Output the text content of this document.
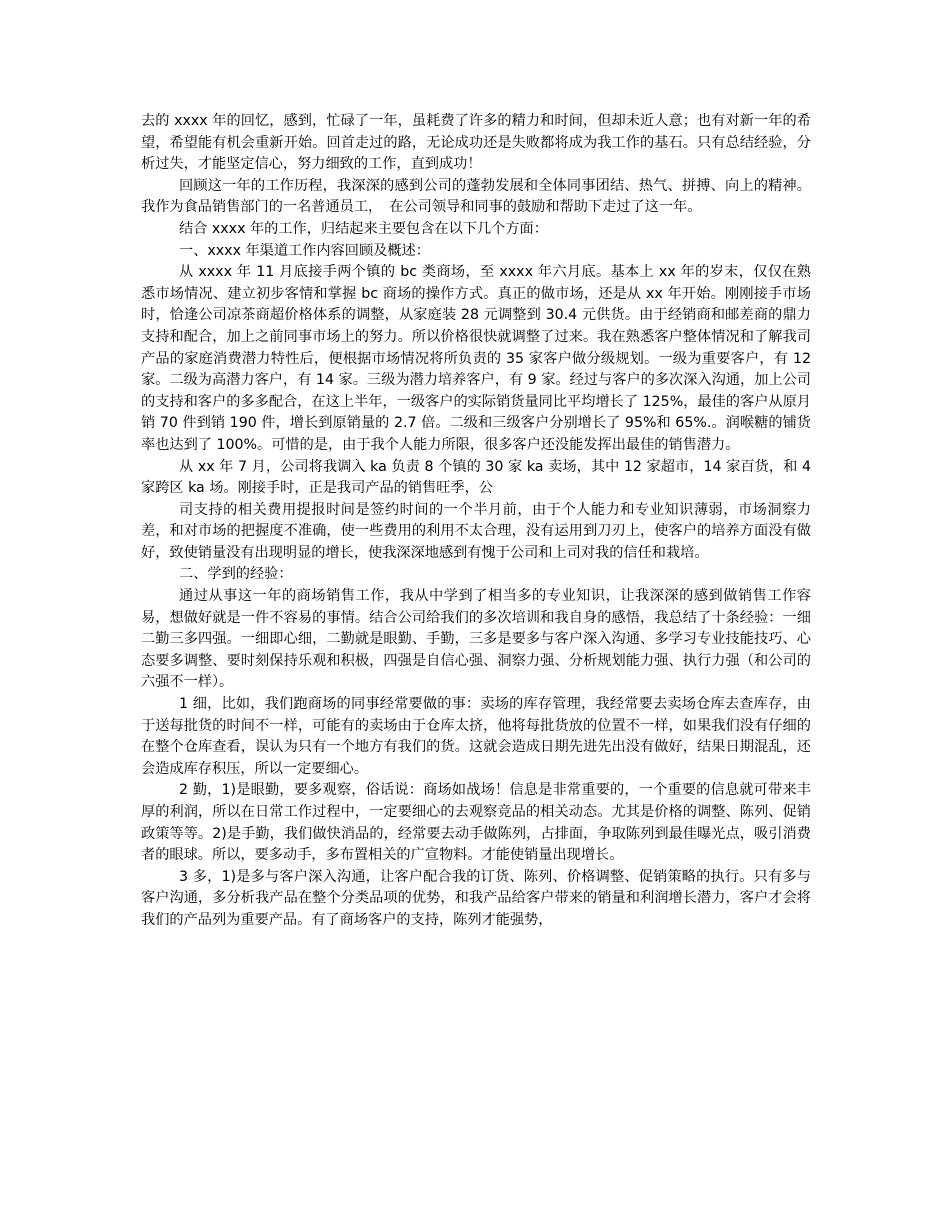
去的 xxxx 年的回忆，感到，忙碌了一年，虽耗费了许多的精力和时间，但却未近人意；也有对新一年的希望，希望能有机会重新开始。回首走过的路，无论成功还是失败都将成为我工作的基石。只有总结经验，分析过失，才能坚定信心，努力细致的工作，直到成功！

回顾这一年的工作历程，我深深的感到公司的蓬勃发展和全体同事团结、热气、拼搏、向上的精神。我作为食品销售部门的一名普通员工，　在公司领导和同事的鼓励和帮助下走过了这一年。

结合 xxxx 年的工作，归结起来主要包含在以下几个方面：

一、xxxx 年渠道工作内容回顾及概述：

从 xxxx 年 11 月底接手两个镇的 bc 类商场，至 xxxx 年六月底。基本上 xx 年的岁末，仅仅在熟悉市场情况、建立初步客情和掌握 bc 商场的操作方式。真正的做市场，还是从 xx 年开始。刚刚接手市场时，恰逢公司凉茶商超价格体系的调整，从家庭装 28 元调整到 30.4 元供货。由于经销商和邮差商的鼎力支持和配合，加上之前同事市场上的努力。所以价格很快就调整了过来。我在熟悉客户整体情况和了解我司产品的家庭消费潜力特性后，便根据市场情况将所负责的 35 家客户做分级规划。一级为重要客户，有 12 家。二级为高潜力客户，有 14 家。三级为潜力培养客户，有 9 家。经过与客户的多次深入沟通，加上公司的支持和客户的多多配合，在这上半年，一级客户的实际销货量同比平均增长了 125%，最佳的客户从原月销 70 件到销 190 件，增长到原销量的 2.7 倍。二级和三级客户分别增长了 95%和 65%.。润喉糖的铺货率也达到了 100%。可惜的是，由于我个人能力所限，很多客户还没能发挥出最佳的销售潜力。

从 xx 年 7 月，公司将我调入 ka 负责 8 个镇的 30 家 ka 卖场，其中 12 家超市，14 家百货，和 4 家跨区 ka 场。刚接手时，正是我司产品的销售旺季，公

司支持的相关费用提报时间是签约时间的一个半月前，由于个人能力和专业知识薄弱，市场洞察力差，和对市场的把握度不准确，使一些费用的利用不太合理，没有运用到刀刃上，使客户的培养方面没有做好，致使销量没有出现明显的增长，使我深深地感到有愧于公司和上司对我的信任和栽培。

二、学到的经验：

通过从事这一年的商场销售工作，我从中学到了相当多的专业知识，让我深深的感到做销售工作容易，想做好就是一件不容易的事情。结合公司给我们的多次培训和我自身的感悟，我总结了十条经验：一细二勤三多四强。一细即心细，二勤就是眼勤、手勤，三多是要多与客户深入沟通、多学习专业技能技巧、心态要多调整、要时刻保持乐观和积极，四强是自信心强、洞察力强、分析规划能力强、执行力强（和公司的六强不一样）。

1 细，比如，我们跑商场的同事经常要做的事：卖场的库存管理，我经常要去卖场仓库去查库存，由于送每批货的时间不一样，可能有的卖场由于仓库太挤，他将每批货放的位置不一样，如果我们没有仔细的在整个仓库查看，误认为只有一个地方有我们的货。这就会造成日期先进先出没有做好，结果日期混乱，还会造成库存积压，所以一定要细心。

2 勤，1)是眼勤，要多观察，俗话说：商场如战场！信息是非常重要的，一个重要的信息就可带来丰厚的利润，所以在日常工作过程中，一定要细心的去观察竞品的相关动态。尤其是价格的调整、陈列、促销政策等等。2)是手勤，我们做快消品的，经常要去动手做陈列，占排面，争取陈列到最佳曝光点，吸引消费者的眼球。所以，要多动手，多布置相关的广宣物料。才能使销量出现增长。

3 多，1)是多与客户深入沟通，让客户配合我的订货、陈列、价格调整、促销策略的执行。只有多与客户沟通，多分析我产品在整个分类品项的优势，和我产品给客户带来的销量和利润增长潜力，客户才会将我们的产品列为重要产品。有了商场客户的支持，陈列才能强势，
